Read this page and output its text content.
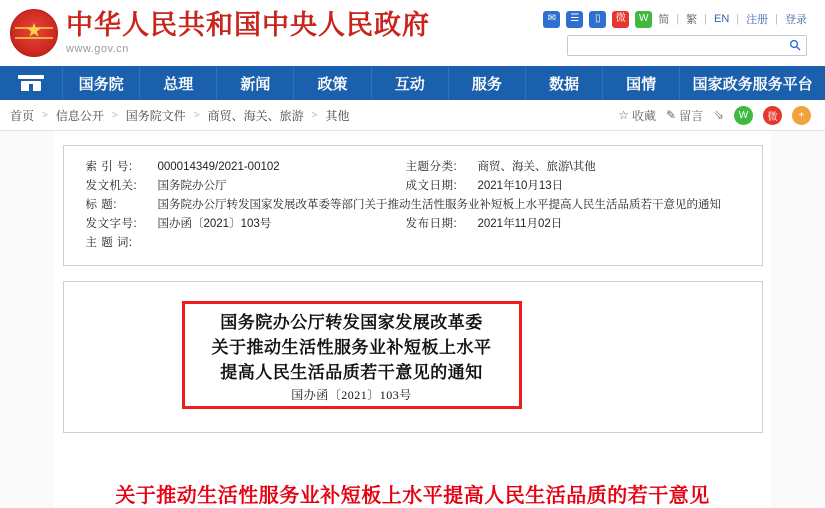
★ 中华人民共和国中央人民政府
www.gov.cn
✉	☰	▯	微	W 简 | 繁 | EN | 注册 | 登录
国务院	总理	新闻	政策	互动	服务	数据	国情	国家政务服务平台
首页 > 信息公开 > 国务院文件 > 商贸、海关、旅游 > 其他	☆ 收藏 ✎ 留言 ⇘	W	微	+
索 引 号:	000014349/2021-00102	主题分类:	商贸、海关、旅游\其他
发文机关:	国务院办公厅	成文日期:	2021年10月13日
标 题:	国务院办公厅转发国家发展改革委等部门关于推动生活性服务业补短板上水平提高人民生活品质若干意见的通知
发文字号:	国办函〔2021〕103号	发布日期:	2021年11月02日
主 题 词:
国务院办公厅转发国家发展改革委
关于推动生活性服务业补短板上水平
提高人民生活品质若干意见的通知
国办函〔2021〕103号
关于推动生活性服务业补短板上水平提高人民生活品质的若干意见
